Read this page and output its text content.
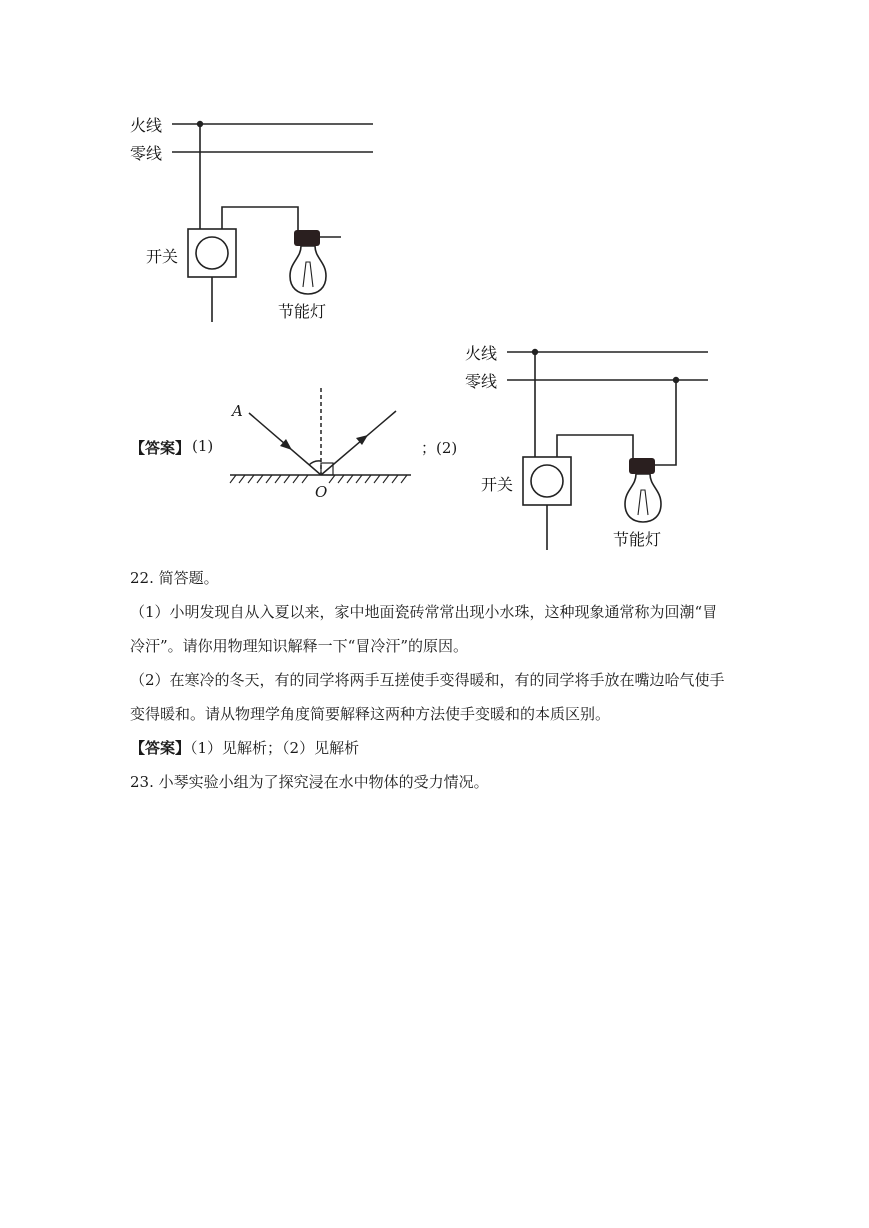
火线
零线
开关
节能灯
【答案】 (1)	；(2)
A
O
火线
零线
开关
节能灯
22. 简答题。
（1）小明发现自从入夏以来，家中地面瓷砖常常出现小水珠，这种现象通常称为回潮“冒
冷汗”。请你用物理知识解释一下“冒冷汗”的原因。
（2）在寒冷的冬天，有的同学将两手互搓使手变得暖和，有的同学将手放在嘴边哈气使手
变得暖和。请从物理学角度简要解释这两种方法使手变暖和的本质区别。
【答案】（1）见解析；（2）见解析
23. 小琴实验小组为了探究浸在水中物体的受力情况。
